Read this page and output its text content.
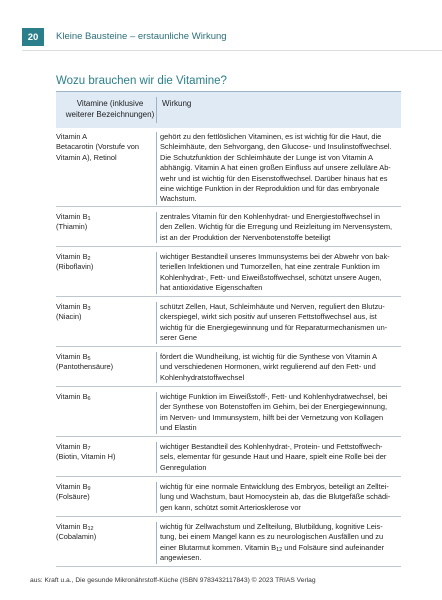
20	Kleine Bausteine – erstaunliche Wirkung
Wozu brauchen wir die Vitamine?
Vitamine (inklusive weiterer Bezeichnungen)
Wirkung
Vitamin A
Betacarotin (Vorstufe von
Vitamin A), Retinol
gehört zu den fettlöslichen Vitaminen, es ist wichtig für die Haut, die
Schleimhäute, den Sehvorgang, den Glucose- und Insulinstoffwechsel.
Die Schutzfunktion der Schleimhäute der Lunge ist von Vitamin A
abhängig. Vitamin A hat einen großen Einfluss auf unsere zelluläre Ab-
wehr und ist wichtig für den Eisenstoffwechsel. Darüber hinaus hat es
eine wichtige Funktion in der Reproduktion und für das embryonale
Wachstum.
Vitamin $B_1$
(Thiamin)
zentrales Vitamin für den Kohlenhydrat- und Energiestoffwechsel in
den Zellen. Wichtig für die Erregung und Reizleitung im Nervensystem,
ist an der Produktion der Nervenbotenstoffe beteiligt
Vitamin $B_2$
(Riboflavin)
wichtiger Bestandteil unseres Immunsystems bei der Abwehr von bak-
teriellen Infektionen und Tumorzellen, hat eine zentrale Funktion im
Kohlenhydrat-, Fett- und Eiweißstoffwechsel, schützt unsere Augen,
hat antioxidative Eigenschaften
Vitamin $B_3$
(Niacin)
schützt Zellen, Haut, Schleimhäute und Nerven, reguliert den Blutzu-
ckerspiegel, wirkt sich positiv auf unseren Fettstoffwechsel aus, ist
wichtig für die Energiegewinnung und für Reparaturmechanismen un-
serer Gene
Vitamin $B_5$
(Pantothensäure)
fördert die Wundheilung, ist wichtig für die Synthese von Vitamin A
und verschiedenen Hormonen, wirkt regulierend auf den Fett- und
Kohlenhydratstoffwechsel
Vitamin $B_6$	wichtige Funktion im Eiweißstoff-, Fett- und Kohlenhydratwechsel, bei
der Synthese von Botenstoffen im Gehirn, bei der Energiegewinnung,
im Nerven- und Immunsystem, hilft bei der Vernetzung von Kollagen
und Elastin
Vitamin $B_7$
(Biotin, Vitamin H)
wichtiger Bestandteil des Kohlenhydrat-, Protein- und Fettstoffwech-
sels, elementar für gesunde Haut und Haare, spielt eine Rolle bei der
Genregulation
Vitamin $B_9$
(Folsäure)
wichtig für eine normale Entwicklung des Embryos, beteiligt an Zelltei-
lung und Wachstum, baut Homocystein ab, das die Blutgefäße schädi-
gen kann, schützt somit Arteriosklerose vor
Vitamin $B_{12}$
(Cobalamin)
wichtig für Zellwachstum und Zellteilung, Blutbildung, kognitive Leis-
tung, bei einem Mangel kann es zu neurologischen Ausfällen und zu
einer Blutarmut kommen. Vitamin $B_{12}$ und Folsäure sind aufeinander
angewiesen.
aus: Kraft u.a., Die gesunde Mikronährstoff-Küche (ISBN 9783432117843) © 2023 TRIAS Verlag
